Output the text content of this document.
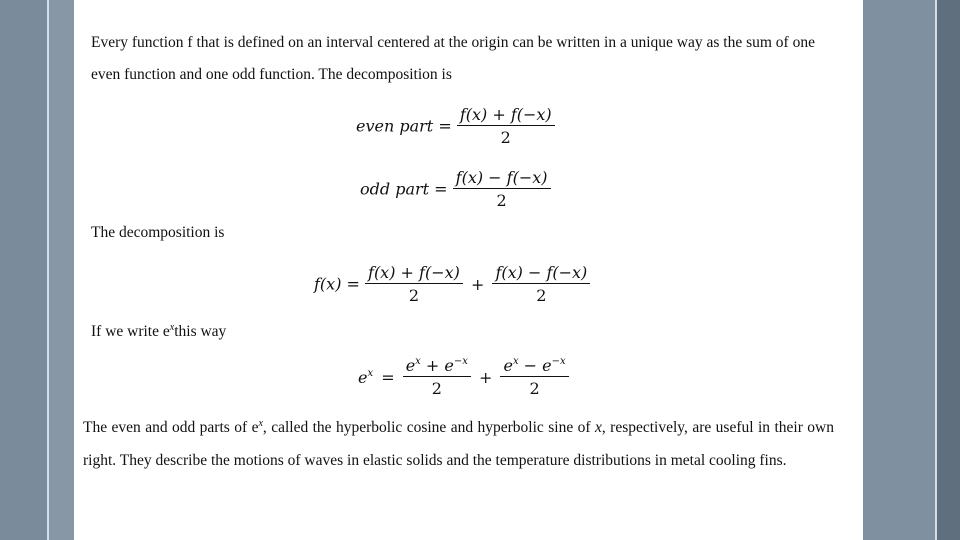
Every function f that is defined on an interval centered at the origin can be written in a unique way as the sum of one even function and one odd function. The decomposition is

even part = $\frac{f(x) + f(-x)}{2}$
odd part = $\frac{f(x) - f(-x)}{2}$

The decomposition is

$f(x) = \frac{f(x) + f(-x)}{2} + \frac{f(x) - f(-x)}{2}$

If we write $e^xthis$ way

$e^x = \frac{e^x + e^{-x}}{2} + \frac{e^x - e^{-x}}{2}$

The even and odd parts of $e^x$, called the hyperbolic cosine and hyperbolic sine of x, respectively, are useful in their own right. They describe the motions of waves in elastic solids and the temperature distributions in metal cooling fins.
